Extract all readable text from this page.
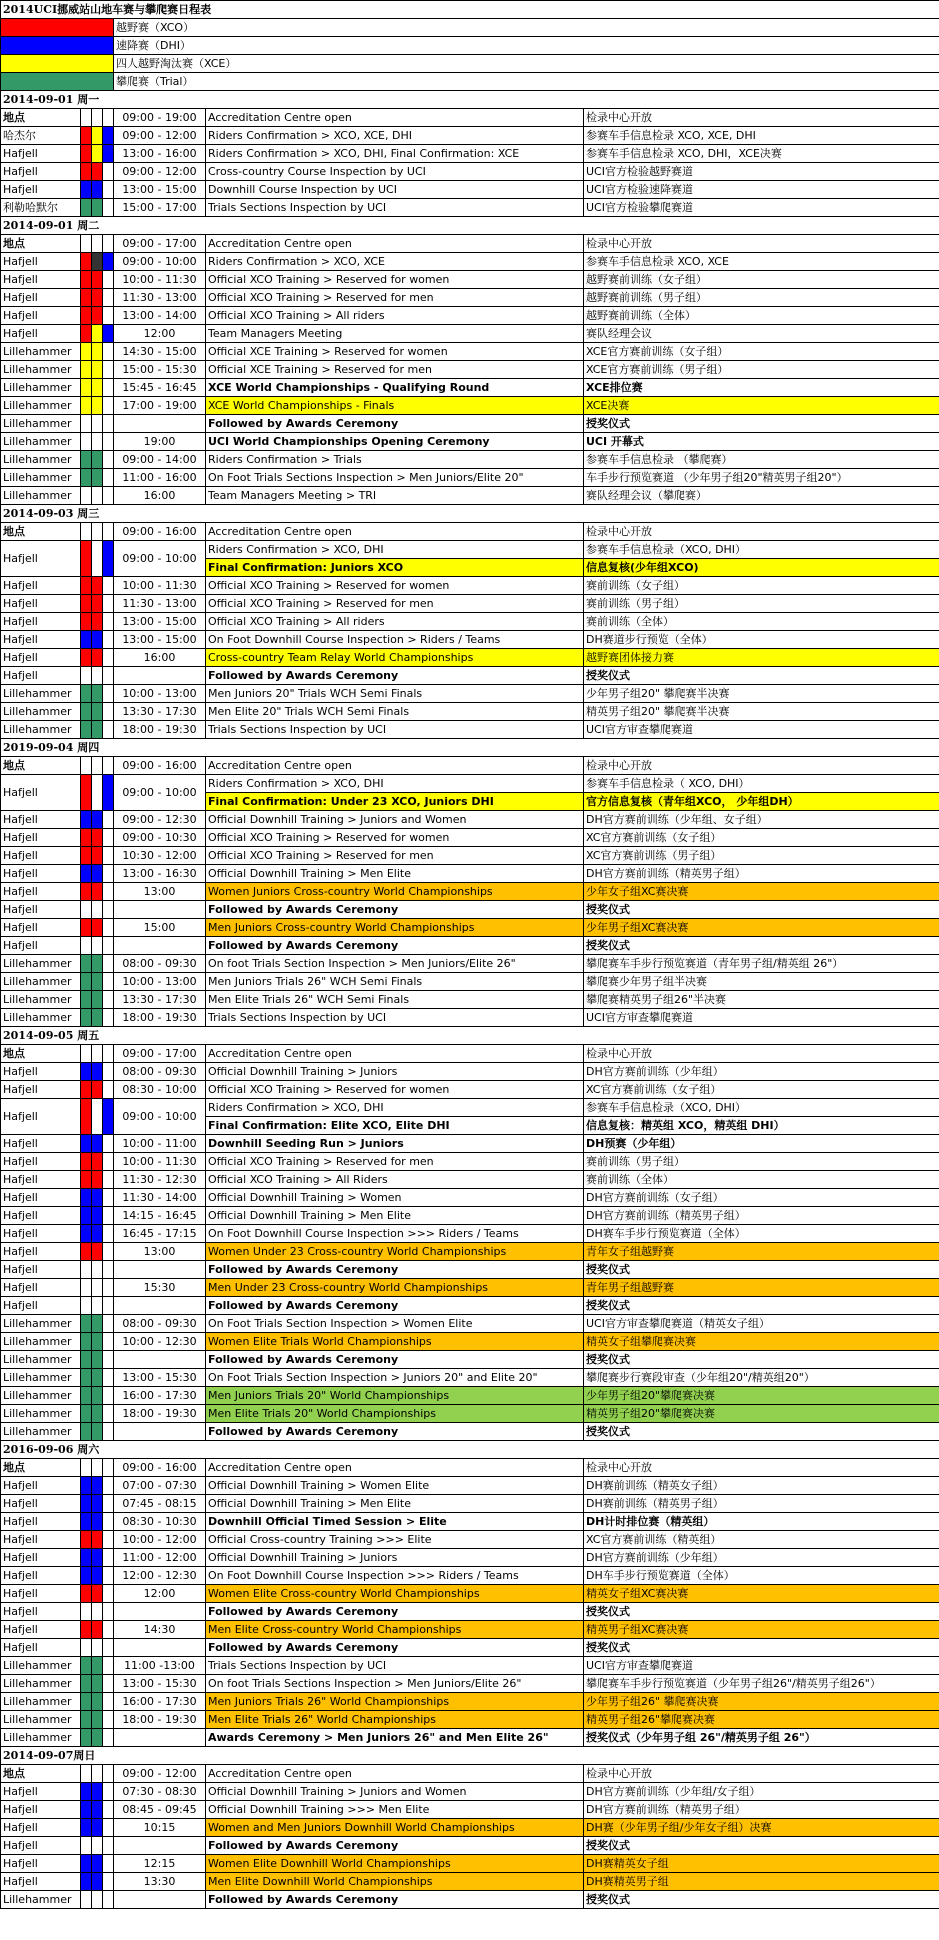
2014UCI挪威站山地车赛与攀爬赛日程表						
				越野赛（XCO）		
				速降赛（DHI）		
				四人越野淘汰赛（XCE）		
				攀爬赛（Trial）		
2014-09-01 周一						
地点				09:00 - 19:00	Accreditation Centre open	检录中心开放
哈杰尔				09:00 - 12:00	Riders Confirmation > XCO, XCE, DHI	参赛车手信息检录 XCO, XCE, DHI
Hafjell				13:00 - 16:00	Riders Confirmation > XCO, DHI, Final Confirmation: XCE	参赛车手信息检录 XCO, DHI，XCE决赛
Hafjell				09:00 - 12:00	Cross-country Course Inspection by UCI	UCI官方检验越野赛道
Hafjell				13:00 - 15:00	Downhill Course Inspection by UCI	UCI官方检验速降赛道
利勒哈默尔				15:00 - 17:00	Trials Sections Inspection by UCI	UCI官方检验攀爬赛道
2014-09-01 周二						
地点				09:00 - 17:00	Accreditation Centre open	检录中心开放
Hafjell				09:00 - 10:00	Riders Confirmation > XCO, XCE	参赛车手信息检录 XCO, XCE
Hafjell				10:00 - 11:30	Official XCO Training > Reserved for women	越野赛前训练（女子组）
Hafjell				11:30 - 13:00	Official XCO Training > Reserved for men	越野赛前训练（男子组）
Hafjell				13:00 - 14:00	Official XCO Training > All riders	越野赛前训练（全体）
Hafjell				12:00	Team Managers Meeting	赛队经理会议
Lillehammer				14:30 - 15:00	Official XCE Training > Reserved for women	XCE官方赛前训练（女子组）
Lillehammer				15:00 - 15:30	Official XCE Training > Reserved for men	XCE官方赛前训练（男子组）
Lillehammer				15:45 - 16:45	XCE World Championships - Qualifying Round	XCE排位赛
Lillehammer				17:00 - 19:00	XCE World Championships - Finals	XCE决赛
Lillehammer					Followed by Awards Ceremony	授奖仪式
Lillehammer				19:00	UCI World Championships Opening Ceremony	UCI 开幕式
Lillehammer				09:00 - 14:00	Riders Confirmation > Trials	参赛车手信息检录 （攀爬赛）
Lillehammer				11:00 - 16:00	On Foot Trials Sections Inspection > Men Juniors/Elite 20"	车手步行预览赛道 （少年男子组20"精英男子组20"）
Lillehammer				16:00	Team Managers Meeting > TRI	赛队经理会议（攀爬赛）
2014-09-03 周三						
地点				09:00 - 16:00	Accreditation Centre open	检录中心开放
Hafjell				09:00 - 10:00	Riders Confirmation > XCO, DHI	参赛车手信息检录（XCO, DHI）
					Final Confirmation: Juniors XCO	信息复核(少年组XCO)
Hafjell				10:00 - 11:30	Official XCO Training > Reserved for women	赛前训练（女子组）
Hafjell				11:30 - 13:00	Official XCO Training > Reserved for men	赛前训练（男子组）
Hafjell				13:00 - 15:00	Official XCO Training > All riders	赛前训练（全体）
Hafjell				13:00 - 15:00	On Foot Downhill Course Inspection > Riders / Teams	DH赛道步行预览（全体）
Hafjell				16:00	Cross-country Team Relay World Championships	越野赛团体接力赛
Hafjell					Followed by Awards Ceremony	授奖仪式
Lillehammer				10:00 - 13:00	Men Juniors 20" Trials WCH Semi Finals	少年男子组20" 攀爬赛半决赛
Lillehammer				13:30 - 17:30	Men Elite 20" Trials WCH Semi Finals	精英男子组20" 攀爬赛半决赛
Lillehammer				18:00 - 19:30	Trials Sections Inspection by UCI	UCI官方审查攀爬赛道
2019-09-04 周四						
地点				09:00 - 16:00	Accreditation Centre open	检录中心开放
Hafjell				09:00 - 10:00	Riders Confirmation > XCO, DHI	参赛车手信息检录（ XCO, DHI）
					Final Confirmation: Under 23 XCO, Juniors DHI	官方信息复核（青年组XCO， 少年组DH）
Hafjell				09:00 - 12:30	Official Downhill Training > Juniors and Women	DH官方赛前训练（少年组、女子组）
Hafjell				09:00 - 10:30	Official XCO Training > Reserved for women	XC官方赛前训练（女子组）
Hafjell				10:30 - 12:00	Official XCO Training > Reserved for men	XC官方赛前训练（男子组）
Hafjell				13:00 - 16:30	Official Downhill Training > Men Elite	DH官方赛前训练（精英男子组）
Hafjell				13:00	Women Juniors Cross-country World Championships	少年女子组XC赛决赛
Hafjell					Followed by Awards Ceremony	授奖仪式
Hafjell				15:00	Men Juniors Cross-country World Championships	少年男子组XC赛决赛
Hafjell					Followed by Awards Ceremony	授奖仪式
Lillehammer				08:00 - 09:30	On foot Trials Section Inspection > Men Juniors/Elite 26"	攀爬赛车手步行预览赛道（青年男子组/精英组 26"）
Lillehammer				10:00 - 13:00	Men Juniors Trials 26" WCH Semi Finals	攀爬赛少年男子组半决赛
Lillehammer				13:30 - 17:30	Men Elite Trials 26" WCH Semi Finals	攀爬赛精英男子组26"半决赛
Lillehammer				18:00 - 19:30	Trials Sections Inspection by UCI	UCI官方审查攀爬赛道
2014-09-05 周五						
地点				09:00 - 17:00	Accreditation Centre open	检录中心开放
Hafjell				08:00 - 09:30	Official Downhill Training > Juniors	DH官方赛前训练（少年组）
Hafjell				08:30 - 10:00	Official XCO Training > Reserved for women	XC官方赛前训练（女子组）
Hafjell				09:00 - 10:00	Riders Confirmation > XCO, DHI	参赛车手信息检录（XCO, DHI）
					Final Confirmation: Elite XCO, Elite DHI	信息复核：精英组 XCO，精英组 DHI）
Hafjell				10:00 - 11:00	Downhill Seeding Run > Juniors	DH预赛（少年组）
Hafjell				10:00 - 11:30	Official XCO Training > Reserved for men	赛前训练（男子组）
Hafjell				11:30 - 12:30	Official XCO Training > All Riders	赛前训练（全体）
Hafjell				11:30 - 14:00	Official Downhill Training > Women	DH官方赛前训练（女子组）
Hafjell				14:15 - 16:45	Official Downhill Training > Men Elite	DH官方赛前训练（精英男子组）
Hafjell				16:45 - 17:15	On Foot Downhill Course Inspection >>> Riders / Teams	DH赛车手步行预览赛道（全体）
Hafjell				13:00	Women Under 23 Cross-country World Championships	青年女子组越野赛
Hafjell					Followed by Awards Ceremony	授奖仪式
Hafjell				15:30	Men Under 23 Cross-country World Championships	青年男子组越野赛
Hafjell					Followed by Awards Ceremony	授奖仪式
Lillehammer				08:00 - 09:30	On Foot Trials Section Inspection > Women Elite	UCI官方审查攀爬赛道（精英女子组）
Lillehammer				10:00 - 12:30	Women Elite Trials World Championships	精英女子组攀爬赛决赛
Lillehammer					Followed by Awards Ceremony	授奖仪式
Lillehammer				13:00 - 15:30	On Foot Trials Section Inspection > Juniors 20" and Elite 20"	攀爬赛步行赛段审查（少年组20"/精英组20"）
Lillehammer				16:00 - 17:30	Men Juniors Trials 20" World Championships	少年男子组20"攀爬赛决赛
Lillehammer				18:00 - 19:30	Men Elite Trials 20" World Championships	精英男子组20"攀爬赛决赛
Lillehammer					Followed by Awards Ceremony	授奖仪式
2016-09-06 周六						
地点				09:00 - 16:00	Accreditation Centre open	检录中心开放
Hafjell				07:00 - 07:30	Official Downhill Training > Women Elite	DH赛前训练（精英女子组）
Hafjell				07:45 - 08:15	Official Downhill Training > Men Elite	DH赛前训练（精英男子组）
Hafjell				08:30 - 10:30	Downhill Official Timed Session > Elite	DH计时排位赛（精英组）
Hafjell				10:00 - 12:00	Official Cross-country Training >>> Elite	XC官方赛前训练（精英组）
Hafjell				11:00 - 12:00	Official Downhill Training > Juniors	DH官方赛前训练（少年组）
Hafjell				12:00 - 12:30	On Foot Downhill Course Inspection >>> Riders / Teams	DH车手步行预览赛道（全体）
Hafjell				12:00	Women Elite Cross-country World Championships	精英女子组XC赛决赛
Hafjell					Followed by Awards Ceremony	授奖仪式
Hafjell				14:30	Men Elite Cross-country World Championships	精英男子组XC赛决赛
Hafjell					Followed by Awards Ceremony	授奖仪式
Lillehammer				11:00 -13:00	Trials Sections Inspection by UCI	UCI官方审查攀爬赛道
Lillehammer				13:00 - 15:30	On foot Trials Sections Inspection > Men Juniors/Elite 26"	攀爬赛车手步行预览赛道（少年男子组26"/精英男子组26"）
Lillehammer				16:00 - 17:30	Men Juniors Trials 26" World Championships	少年男子组26" 攀爬赛决赛
Lillehammer				18:00 - 19:30	Men Elite Trials 26" World Championships	精英男子组26"攀爬赛决赛
Lillehammer					Awards Ceremony > Men Juniors 26" and Men Elite 26"	授奖仪式（少年男子组 26"/精英男子组 26"）
2014-09-07周日						
地点				09:00 - 12:00	Accreditation Centre open	检录中心开放
Hafjell				07:30 - 08:30	Official Downhill Training > Juniors and Women	DH官方赛前训练（少年组/女子组）
Hafjell				08:45 - 09:45	Official Downhill Training >>> Men Elite	DH官方赛前训练（精英男子组）
Hafjell				10:15	Women and Men Juniors Downhill World Championships	DH赛（少年男子组/少年女子组）决赛
Hafjell					Followed by Awards Ceremony	授奖仪式
Hafjell				12:15	Women Elite Downhill World Championships	DH赛精英女子组
Hafjell				13:30	Men Elite Downhill World Championships	DH赛精英男子组
Lillehammer					Followed by Awards Ceremony	授奖仪式
